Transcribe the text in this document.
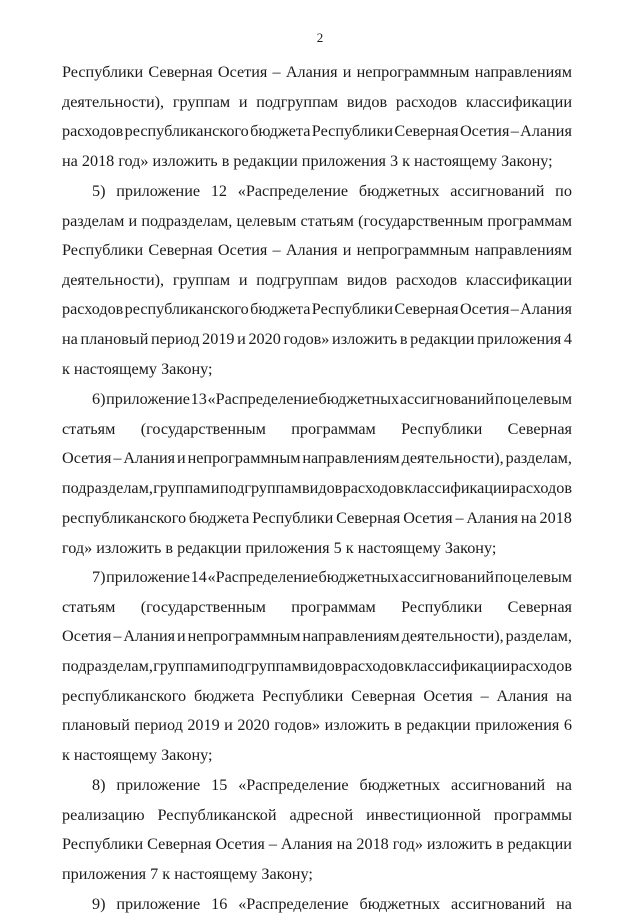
2
Республики Северная Осетия – Алания и непрограммным направлениям
деятельности), группам и подгруппам видов расходов классификации
расходов республиканского бюджета Республики Северная Осетия – Алания
на 2018 год» изложить в редакции приложения 3 к настоящему Закону;
5) приложение 12 «Распределение бюджетных ассигнований по
разделам и подразделам, целевым статьям (государственным программам
Республики Северная Осетия – Алания и непрограммным направлениям
деятельности), группам и подгруппам видов расходов классификации
расходов республиканского бюджета Республики Северная Осетия – Алания
на плановый период 2019 и 2020 годов» изложить в редакции приложения 4
к настоящему Закону;
6) приложение 13 «Распределение бюджетных ассигнований по целевым
статьям (государственным программам Республики Северная
Осетия – Алания и непрограммным направлениям деятельности), разделам,
подразделам, группам и подгруппам видов расходов классификации расходов
республиканского бюджета Республики Северная Осетия – Алания на 2018
год» изложить в редакции приложения 5 к настоящему Закону;
7) приложение 14 «Распределение бюджетных ассигнований по целевым
статьям (государственным программам Республики Северная
Осетия – Алания и непрограммным направлениям деятельности), разделам,
подразделам, группам и подгруппам видов расходов классификации расходов
республиканского бюджета Республики Северная Осетия – Алания на
плановый период 2019 и 2020 годов» изложить в редакции приложения 6
к настоящему Закону;
8) приложение 15 «Распределение бюджетных ассигнований на
реализацию Республиканской адресной инвестиционной программы
Республики Северная Осетия – Алания на 2018 год» изложить в редакции
приложения 7 к настоящему Закону;
9) приложение 16 «Распределение бюджетных ассигнований на
